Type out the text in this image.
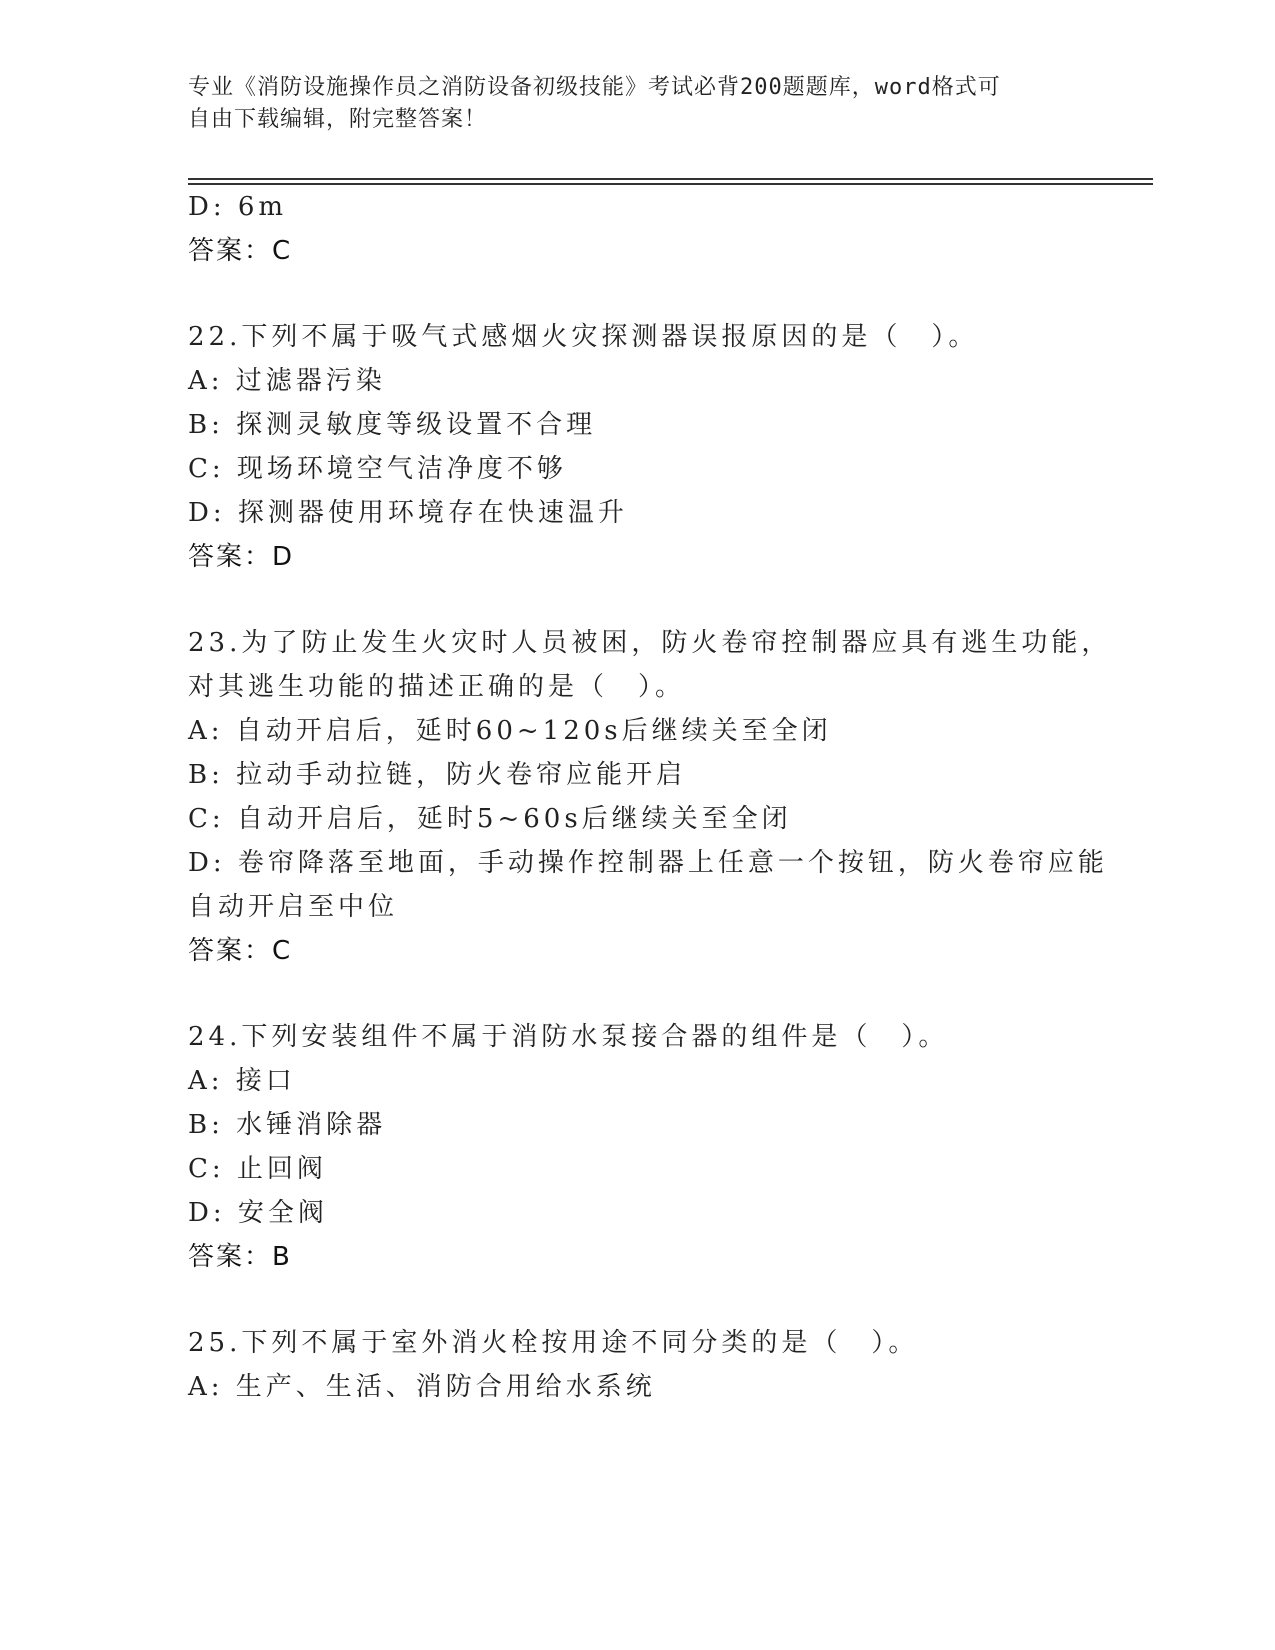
专业《消防设施操作员之消防设备初级技能》考试必背200题题库，word格式可
自由下载编辑，附完整答案！
D: 6m
答案：C
22.下列不属于吸气式感烟火灾探测器误报原因的是（　）。
A: 过滤器污染
B: 探测灵敏度等级设置不合理
C: 现场环境空气洁净度不够
D: 探测器使用环境存在快速温升
答案：D
23.为了防止发生火灾时人员被困，防火卷帘控制器应具有逃生功能，
对其逃生功能的描述正确的是（　）。
A: 自动开启后，延时60~120s后继续关至全闭
B: 拉动手动拉链，防火卷帘应能开启
C: 自动开启后，延时5~60s后继续关至全闭
D: 卷帘降落至地面，手动操作控制器上任意一个按钮，防火卷帘应能
自动开启至中位
答案：C
24.下列安装组件不属于消防水泵接合器的组件是（　）。
A: 接口
B: 水锤消除器
C: 止回阀
D: 安全阀
答案：B
25.下列不属于室外消火栓按用途不同分类的是（　）。
A: 生产、生活、消防合用给水系统
